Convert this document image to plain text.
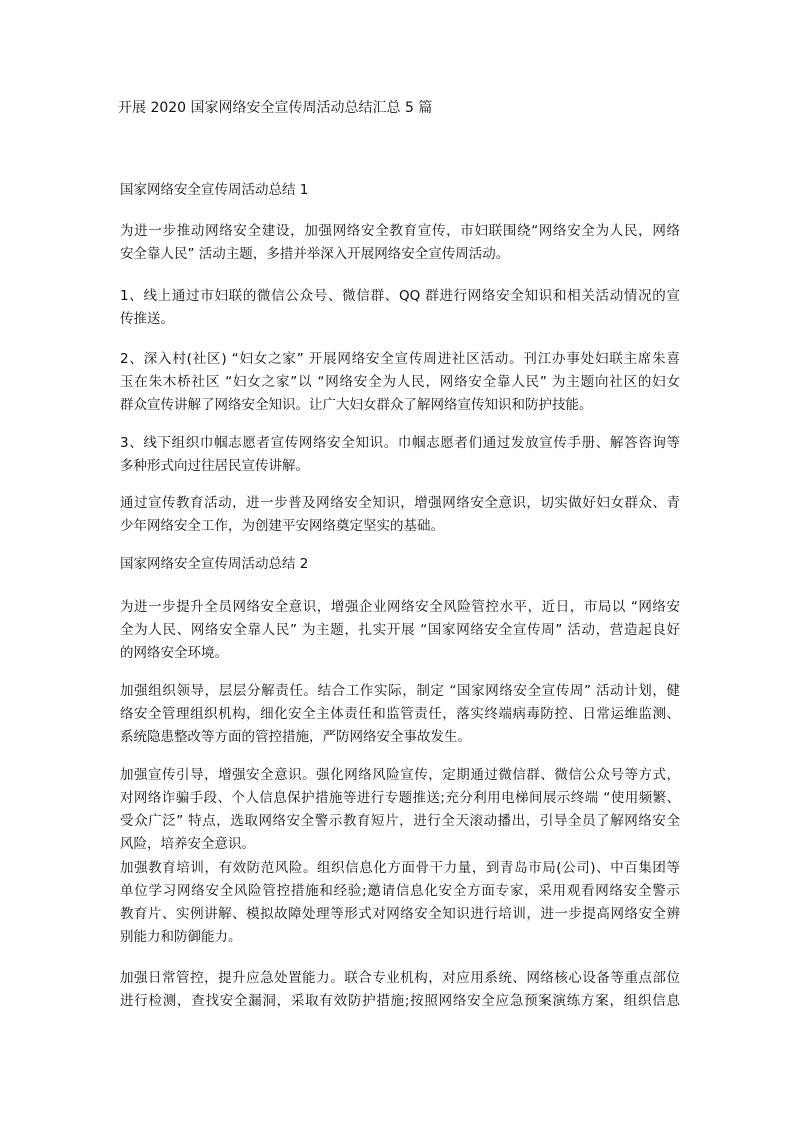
开展 2020 国家网络安全宣传周活动总结汇总 5 篇
国家网络安全宣传周活动总结 1
为进一步推动网络安全建设，加强网络安全教育宣传，市妇联围绕“网络安全为人民，网络
安全靠人民” 活动主题，多措并举深入开展网络安全宣传周活动。
1、线上通过市妇联的微信公众号、微信群、QQ 群进行网络安全知识和相关活动情况的宣
传推送。
2、深入村(社区) “妇女之家” 开展网络安全宣传周进社区活动。刊江办事处妇联主席朱喜
玉在朱木桥社区 “妇女之家”以 “网络安全为人民，网络安全靠人民” 为主题向社区的妇女
群众宣传讲解了网络安全知识。让广大妇女群众了解网络宣传知识和防护技能。
3、线下组织巾帼志愿者宣传网络安全知识。巾帼志愿者们通过发放宣传手册、解答咨询等
多种形式向过往居民宣传讲解。
通过宣传教育活动，进一步普及网络安全知识，增强网络安全意识，切实做好妇女群众、青
少年网络安全工作，为创建平安网络奠定坚实的基础。
国家网络安全宣传周活动总结 2
为进一步提升全员网络安全意识，增强企业网络安全风险管控水平，近日，市局以 “网络安
全为人民、网络安全靠人民” 为主题，扎实开展 “国家网络安全宣传周” 活动，营造起良好
的网络安全环境。
加强组织领导，层层分解责任。结合工作实际，制定 “国家网络安全宣传周” 活动计划，健
络安全管理组织机构，细化安全主体责任和监管责任，落实终端病毒防控、日常运维监测、
系统隐患整改等方面的管控措施，严防网络安全事故发生。
加强宣传引导，增强安全意识。强化网络风险宣传，定期通过微信群、微信公众号等方式，
对网络诈骗手段、个人信息保护措施等进行专题推送;充分利用电梯间展示终端 “使用频繁、
受众广泛” 特点，选取网络安全警示教育短片，进行全天滚动播出，引导全员了解网络安全
风险，培养安全意识。
加强教育培训，有效防范风险。组织信息化方面骨干力量，到青岛市局(公司)、中百集团等
单位学习网络安全风险管控措施和经验;邀请信息化安全方面专家，采用观看网络安全警示
教育片、实例讲解、模拟故障处理等形式对网络安全知识进行培训，进一步提高网络安全辨
别能力和防御能力。
加强日常管控，提升应急处置能力。联合专业机构，对应用系统、网络核心设备等重点部位
进行检测，查找安全漏洞，采取有效防护措施;按照网络安全应急预案演练方案，组织信息
